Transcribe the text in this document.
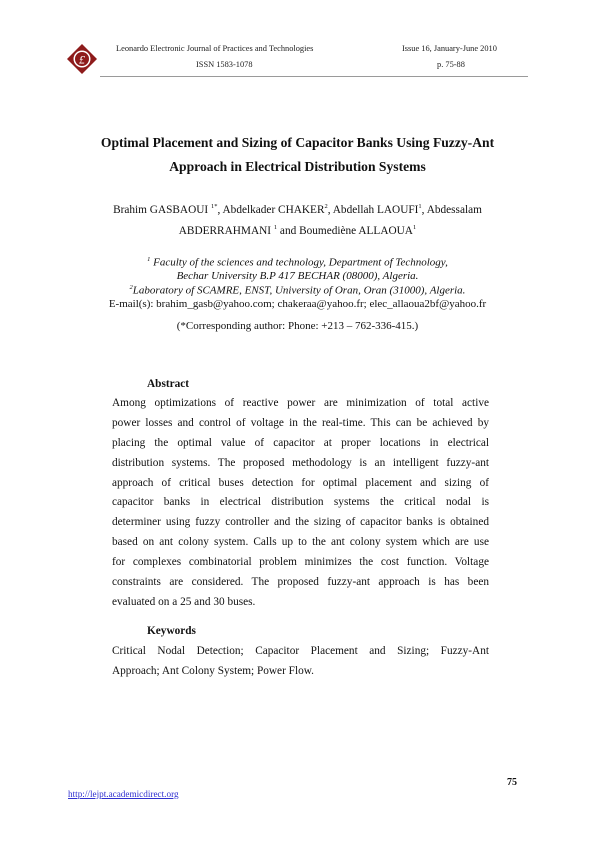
£
Leonardo Electronic Journal of Practices and Technologies
ISSN 1583-1078
Issue 16, January-June 2010
p. 75-88
Optimal Placement and Sizing of Capacitor Banks Using Fuzzy-Ant
Approach in Electrical Distribution Systems
Brahim GASBAOUI $^{1*}$, Abdelkader CHAKER$^2$, Abdellah LAOUFI$^1$, Abdessalam
ABDERRAHMANI $^1$ and Boumediène ALLAOUA$^1$
$^1$ Faculty of the sciences and technology, Department of Technology,
Bechar University B.P 417 BECHAR (08000), Algeria.
$^2$Laboratory of SCAMRE, ENST, University of Oran, Oran (31000), Algeria.
E-mail(s): brahim_gasb@yahoo.com; chakeraa@yahoo.fr; elec_allaoua2bf@yahoo.fr
(*Corresponding author: Phone: +213 – 762-336-415.)
Abstract
Among optimizations of reactive power are minimization of total active
power losses and control of voltage in the real-time. This can be achieved by
placing the optimal value of capacitor at proper locations in electrical
distribution systems. The proposed methodology is an intelligent fuzzy-ant
approach of critical buses detection for optimal placement and sizing of
capacitor banks in electrical distribution systems the critical nodal is
determiner using fuzzy controller and the sizing of capacitor banks is obtained
based on ant colony system. Calls up to the ant colony system which are use
for complexes combinatorial problem minimizes the cost function. Voltage
constraints are considered. The proposed fuzzy-ant approach is has been
evaluated on a 25 and 30 buses.
Keywords
Critical Nodal Detection; Capacitor Placement and Sizing; Fuzzy-Ant
Approach; Ant Colony System; Power Flow.
75
http://lejpt.academicdirect.org
